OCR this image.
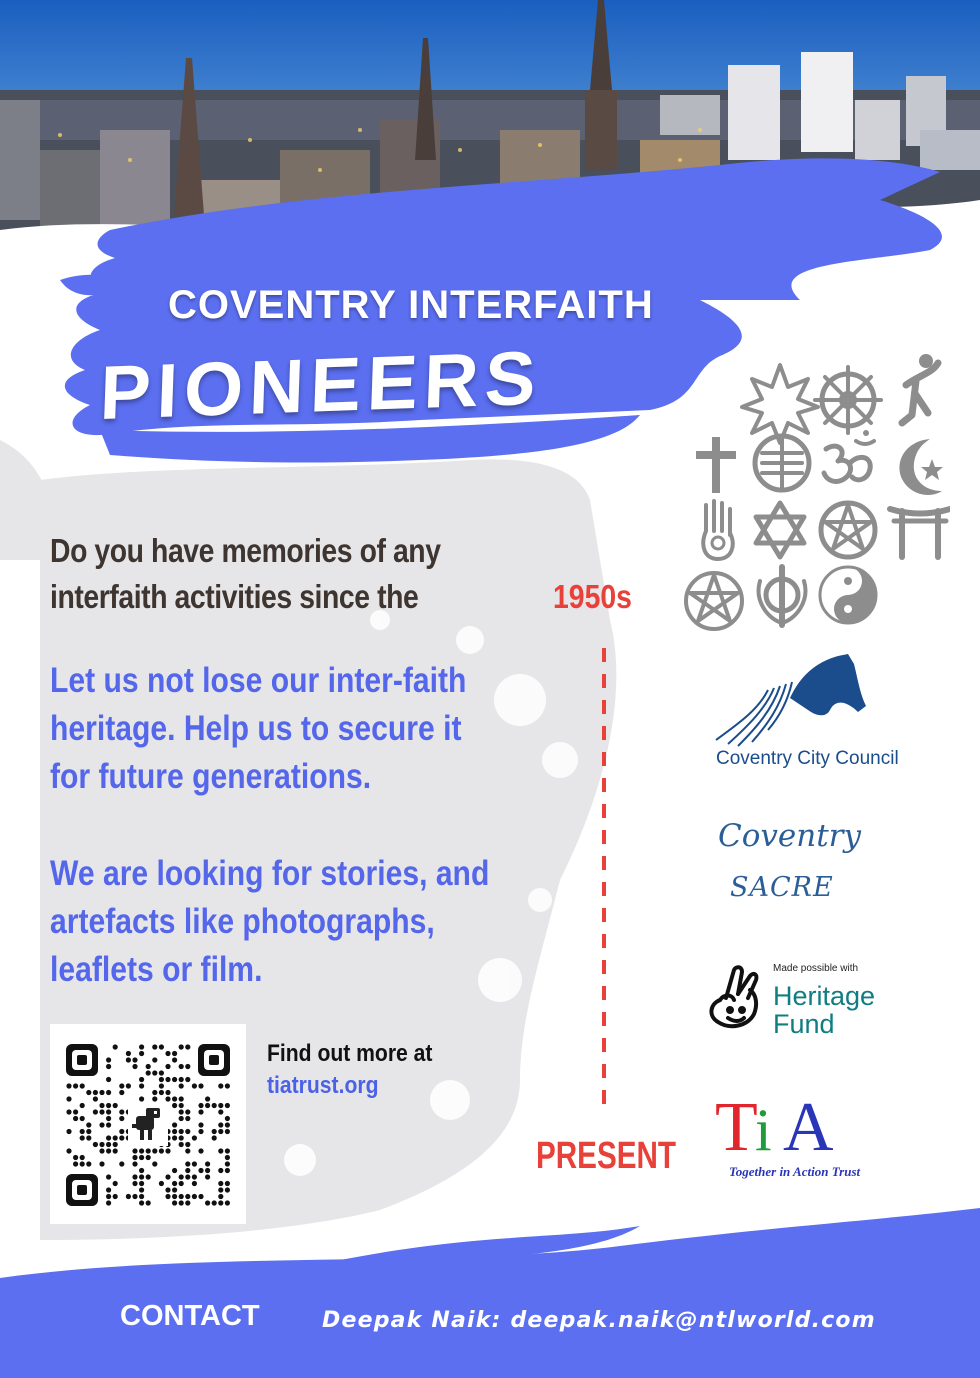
COVENTRY INTERFAITH
PIONEERS
Do you have memories of any
interfaith activities since the	1950s
Let us not lose our inter-faith
heritage. Help us to secure it
for future generations.
We are looking for stories, and
artefacts like photographs,
leaflets or film.
Find out more at
tiatrust.org
PRESENT
Coventry City Council
Coventry
SACRE
Made possible with
Heritage
Fund
T
i A
Together in Action Trust
CONTACT	Deepak Naik: deepak.naik@ntlworld.com
